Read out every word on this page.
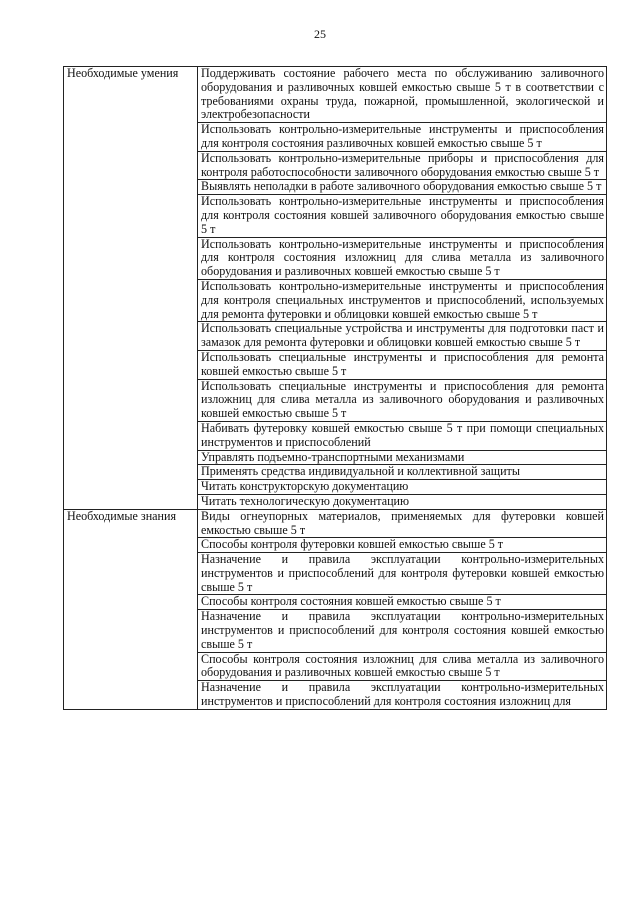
25
Необходимые умения	Поддерживать состояние рабочего места по обслуживанию заливочного оборудования и разливочных ковшей емкостью свыше 5 т в соответствии с требованиями охраны труда, пожарной, промышленной, экологической и электробезопасности
	Использовать контрольно-измерительные инструменты и приспособления для контроля состояния разливочных ковшей емкостью свыше 5 т
	Использовать контрольно-измерительные приборы и приспособления для контроля работоспособности заливочного оборудования емкостью свыше 5 т
	Выявлять неполадки в работе заливочного оборудования емкостью свыше 5 т
	Использовать контрольно-измерительные инструменты и приспособления для контроля состояния ковшей заливочного оборудования емкостью свыше 5 т
	Использовать контрольно-измерительные инструменты и приспособления для контроля состояния изложниц для слива металла из заливочного оборудования и разливочных ковшей емкостью свыше 5 т
	Использовать контрольно-измерительные инструменты и приспособления для контроля специальных инструментов и приспособлений, используемых для ремонта футеровки и облицовки ковшей емкостью свыше 5 т
	Использовать специальные устройства и инструменты для подготовки паст и замазок для ремонта футеровки и облицовки ковшей емкостью свыше 5 т
	Использовать специальные инструменты и приспособления для ремонта ковшей емкостью свыше 5 т
	Использовать специальные инструменты и приспособления для ремонта изложниц для слива металла из заливочного оборудования и разливочных ковшей емкостью свыше 5 т
	Набивать футеровку ковшей емкостью свыше 5 т при помощи специальных инструментов и приспособлений
	Управлять подъемно-транспортными механизмами
	Применять средства индивидуальной и коллективной защиты
	Читать конструкторскую документацию
	Читать технологическую документацию
Необходимые знания	Виды огнеупорных материалов, применяемых для футеровки ковшей емкостью свыше 5 т
	Способы контроля футеровки ковшей емкостью свыше 5 т
	Назначение и правила эксплуатации контрольно-измерительных инструментов и приспособлений для контроля футеровки ковшей емкостью свыше 5 т
	Способы контроля состояния ковшей емкостью свыше 5 т
	Назначение и правила эксплуатации контрольно-измерительных инструментов и приспособлений для контроля состояния ковшей емкостью свыше 5 т
	Способы контроля состояния изложниц для слива металла из заливочного оборудования и разливочных ковшей емкостью свыше 5 т
	Назначение и правила эксплуатации контрольно-измерительных инструментов и приспособлений для контроля состояния изложниц для
